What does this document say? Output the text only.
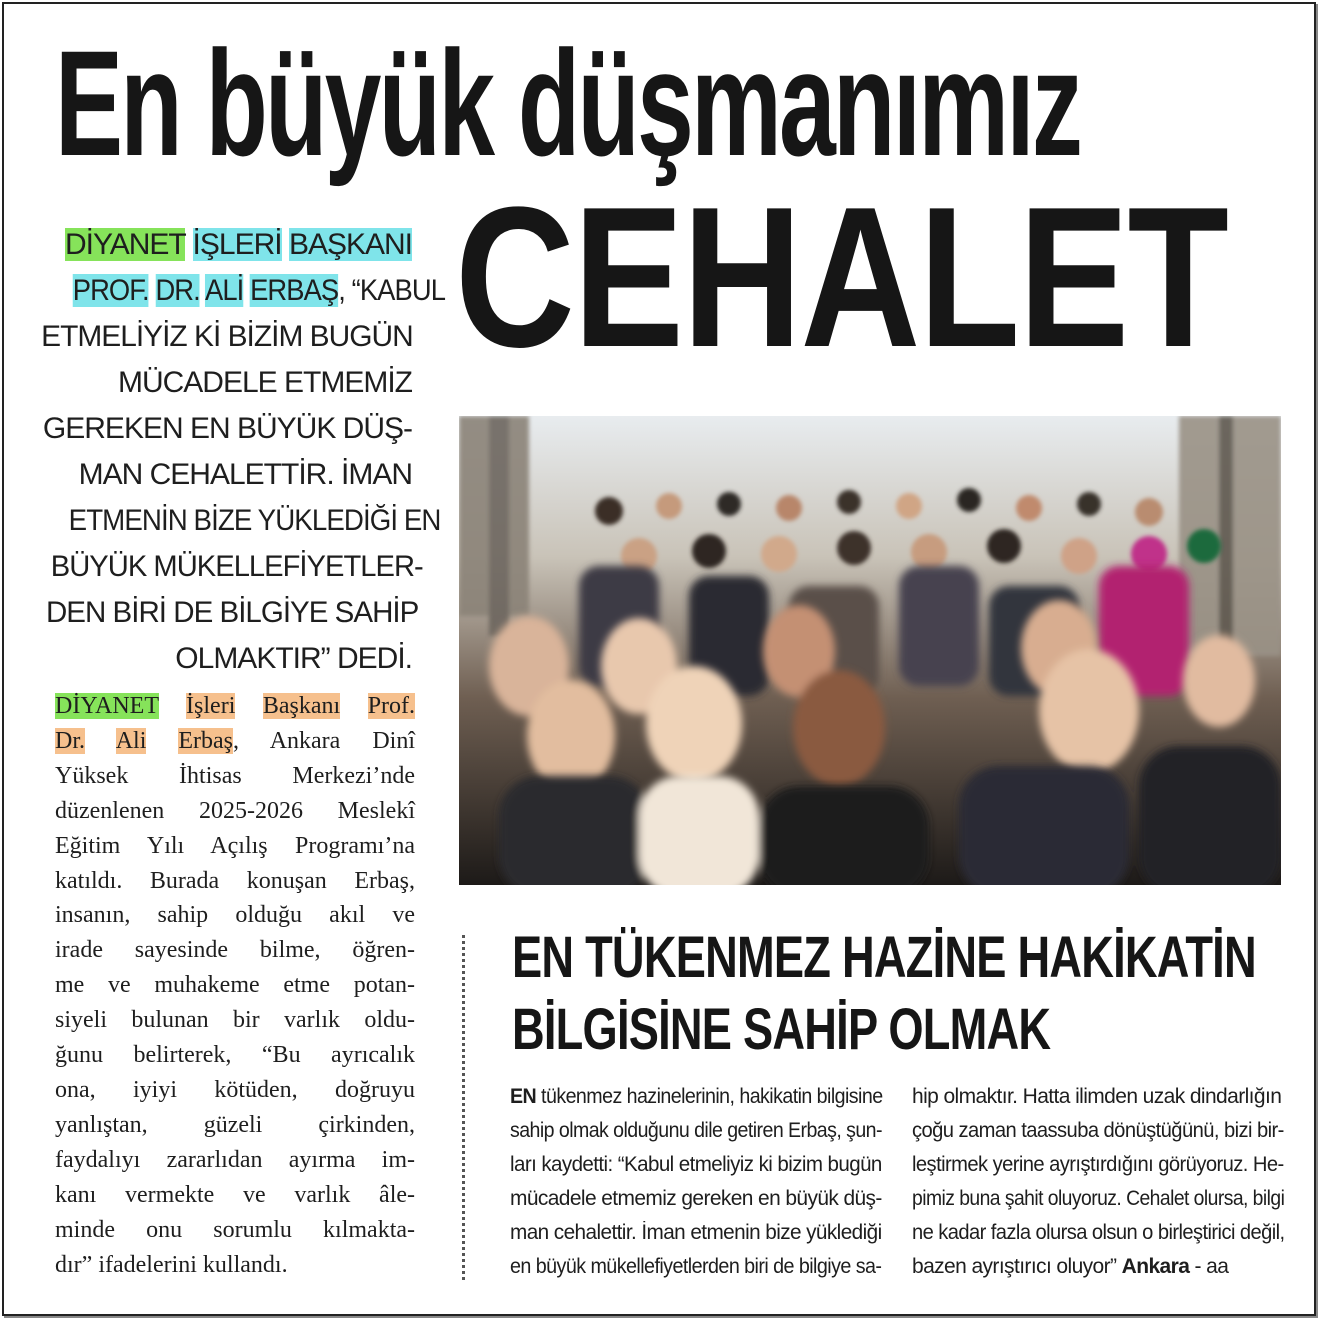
En büyük düşmanımız
CEHALET
DİYANET İŞLERİ BAŞKANI
PROF. DR. ALİ ERBAŞ, “KABUL
ETMELİYİZ Kİ BİZİM BUGÜN
MÜCADELE ETMEMİZ
GEREKEN EN BÜYÜK DÜŞ-
MAN CEHALETTİR. İMAN
ETMENİN BİZE YÜKLEDİĞİ EN
BÜYÜK MÜKELLEFİYETLER-
DEN BİRİ DE BİLGİYE SAHİP
OLMAKTIR” DEDİ.
DİYANET İşleri Başkanı Prof.
Dr. Ali Erbaş, Ankara Dinî
Yüksek İhtisas Merkezi’nde
düzenlenen 2025-2026 Meslekî
Eğitim Yılı Açılış Programı’na
katıldı. Burada konuşan Erbaş,
insanın, sahip olduğu akıl ve
irade sayesinde bilme, öğren-
me ve muhakeme etme potan-
siyeli bulunan bir varlık oldu-
ğunu belirterek, “Bu ayrıcalık
ona, iyiyi kötüden, doğruyu
yanlıştan, güzeli çirkinden,
faydalıyı zararlıdan ayırma im-
kanı vermekte ve varlık âle-
minde onu sorumlu kılmakta-
dır” ifadelerini kullandı.
EN TÜKENMEZ HAZİNE HAKİKATİN
BİLGİSİNE SAHİP OLMAK
EN tükenmez hazinelerinin, hakikatin bilgisine
sahip olmak olduğunu dile getiren Erbaş, şun-
ları kaydetti: “Kabul etmeliyiz ki bizim bugün
mücadele etmemiz gereken en büyük düş-
man cehalettir. İman etmenin bize yüklediği
en büyük mükellefiyetlerden biri de bilgiye sa-
hip olmaktır. Hatta ilimden uzak dindarlığın
çoğu zaman taassuba dönüştüğünü, bizi bir-
leştirmek yerine ayrıştırdığını görüyoruz. He-
pimiz buna şahit oluyoruz. Cehalet olursa, bilgi
ne kadar fazla olursa olsun o birleştirici değil,
bazen ayrıştırıcı oluyor” Ankara - aa
